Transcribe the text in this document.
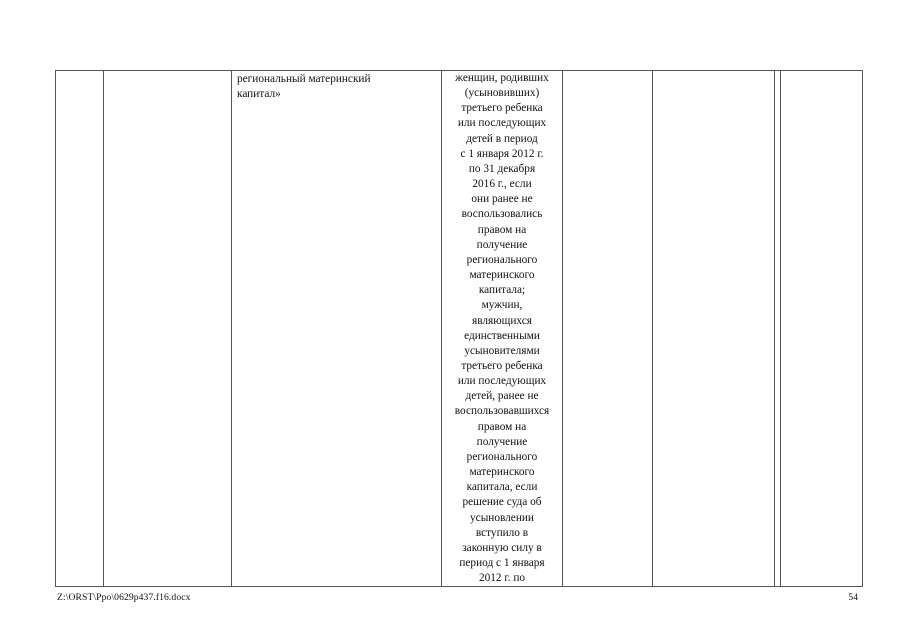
региональный материнский
капитал»

женщин, родивших
(усыновивших)
третьего ребенка
или последующих
детей в период
с 1 января 2012 г.
по 31 декабря
2016 г., если
они ранее не
воспользовались
правом на
получение
регионального
материнского
капитала;
мужчин,
являющихся
единственными
усыновителями
третьего ребенка
или последующих
детей, ранее не
воспользовавшихся
правом на
получение
регионального
материнского
капитала, если
решение суда об
усыновлении
вступило в
законную силу в
период с 1 января
2012 г. по

Z:\ORST\Ppo\0629p437.f16.docx	54
